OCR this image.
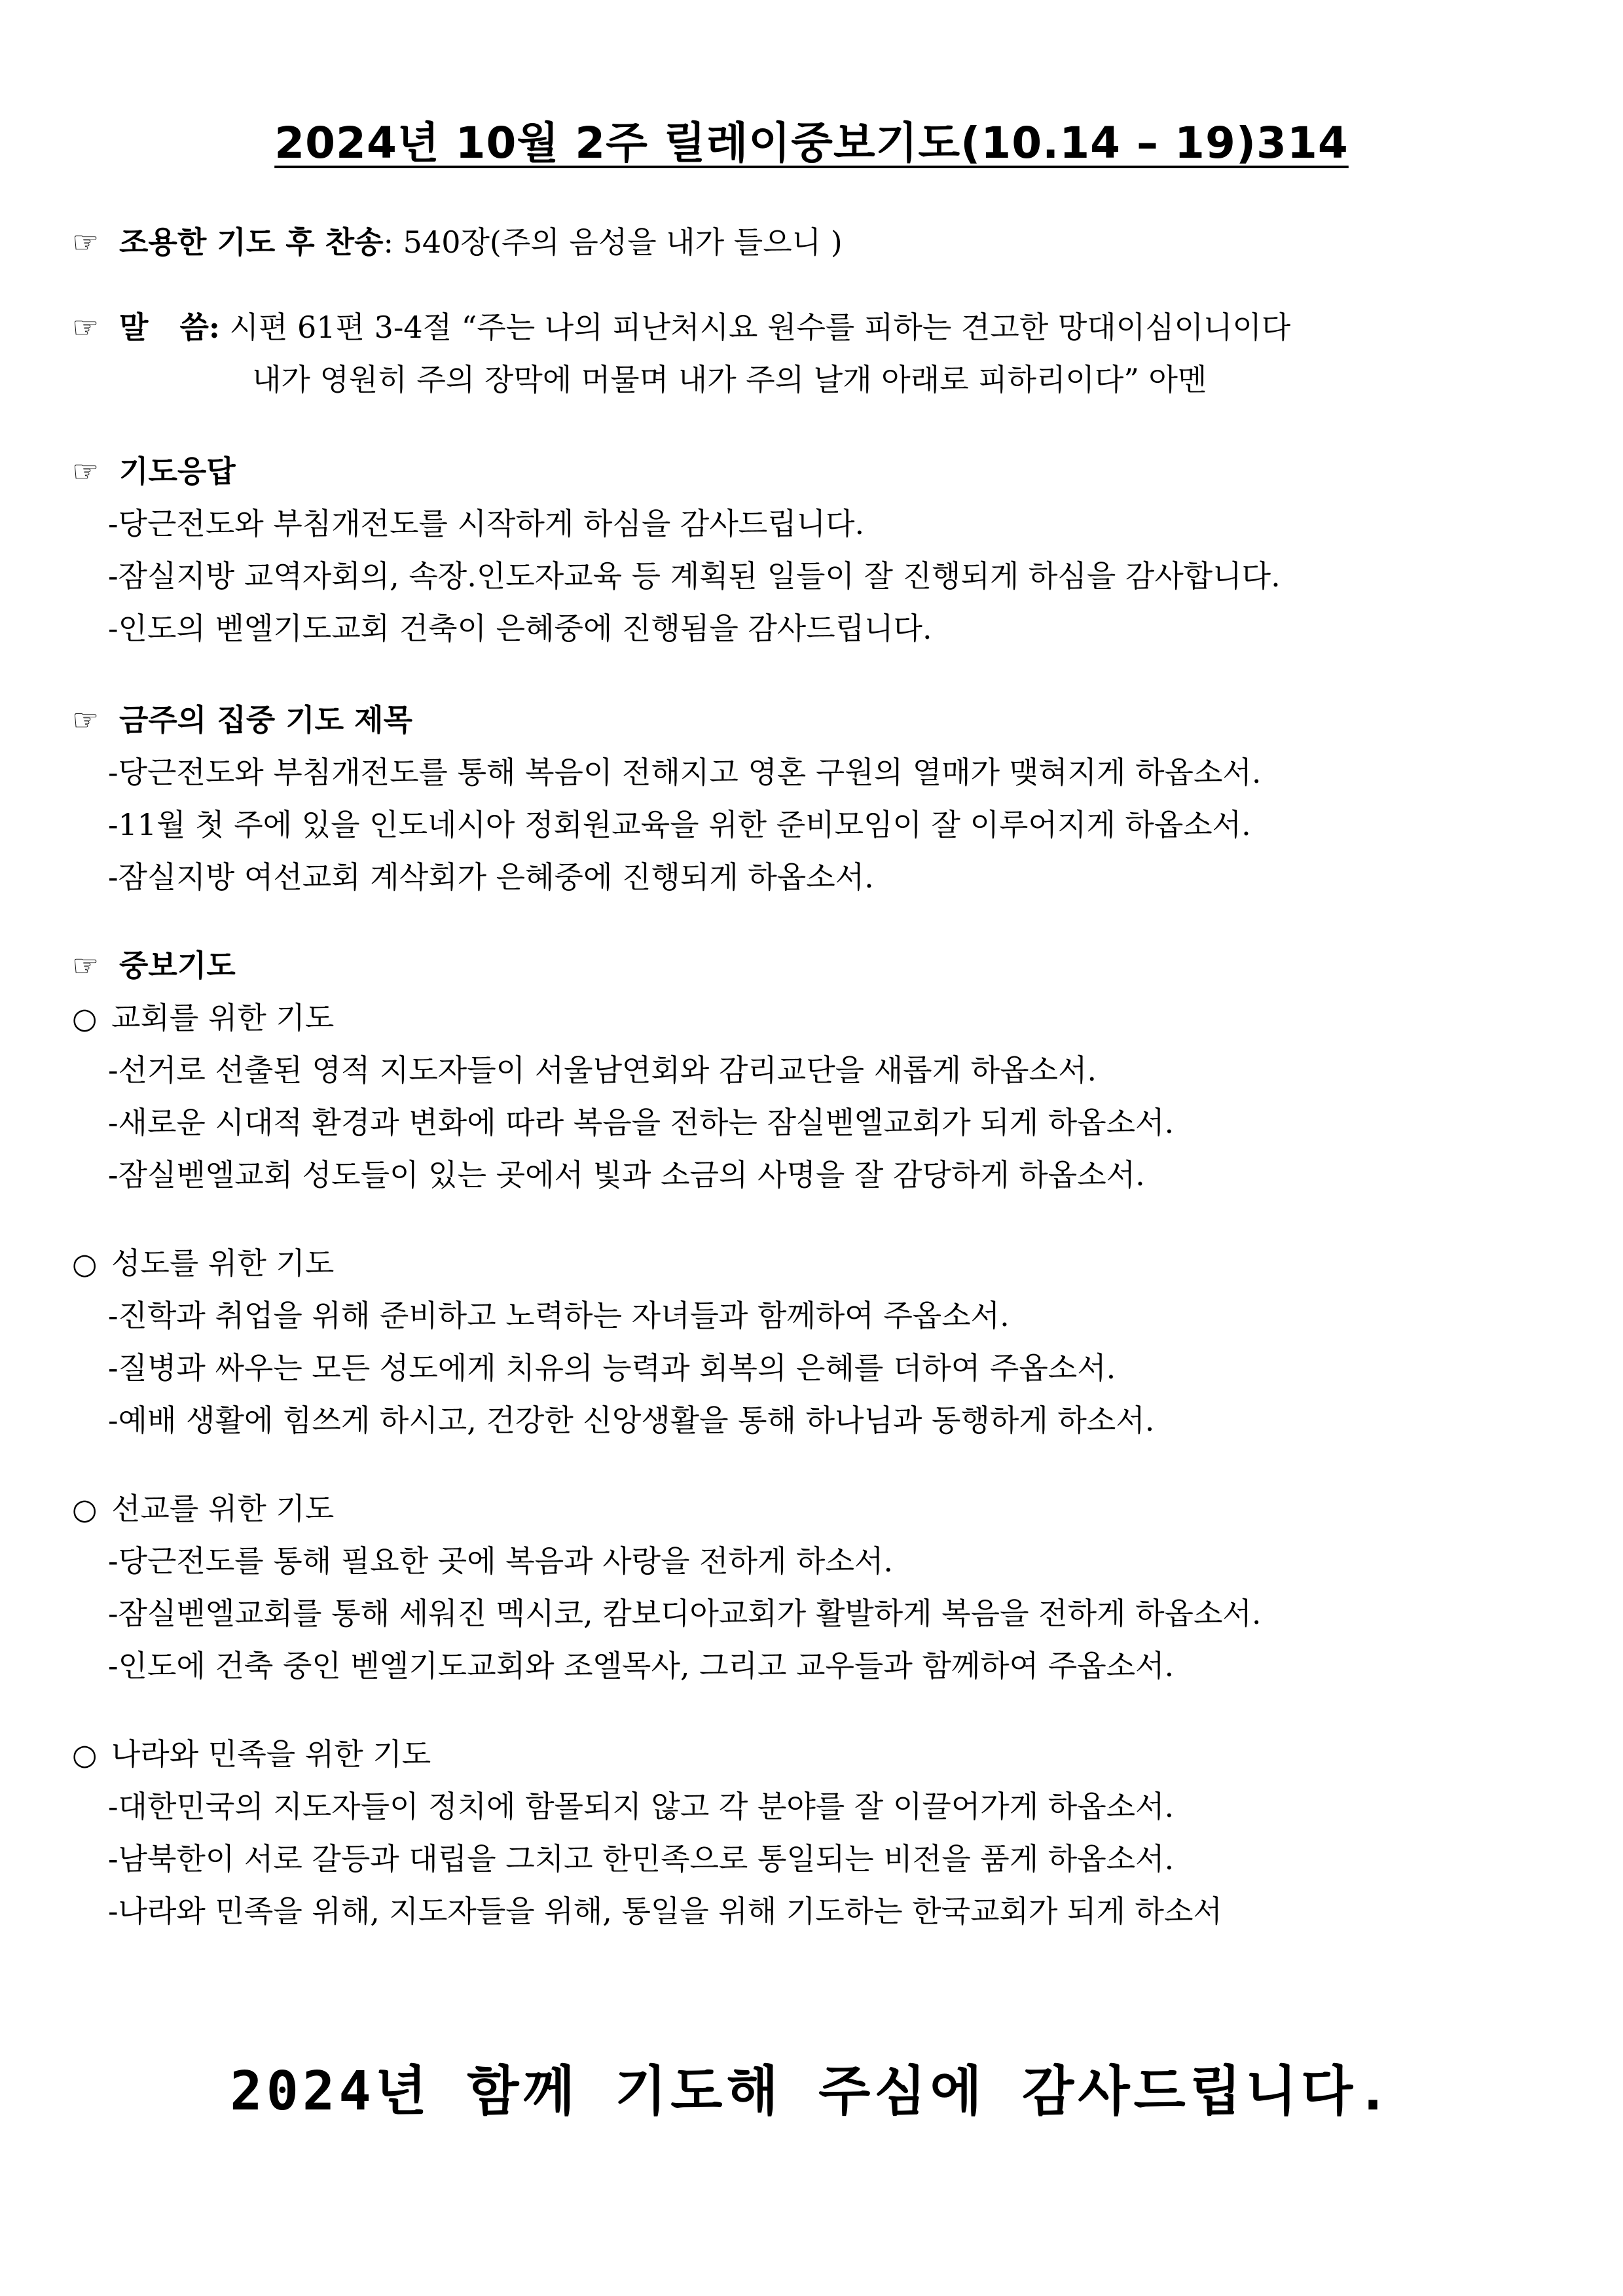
2024년 10월 2주 릴레이중보기도(10.14 – 19)314
☞ 조용한 기도 후 찬송: 540장(주의 음성을 내가 들으니 )
☞ 말   씀: 시편 61편 3-4절 “주는 나의 피난처시요 원수를 피하는 견고한 망대이심이니이다
내가 영원히 주의 장막에 머물며 내가 주의 날개 아래로 피하리이다” 아멘
☞ 기도응답
-당근전도와 부침개전도를 시작하게 하심을 감사드립니다.
-잠실지방 교역자회의, 속장.인도자교육 등 계획된 일들이 잘 진행되게 하심을 감사합니다.
-인도의 벧엘기도교회 건축이 은혜중에 진행됨을 감사드립니다.
☞ 금주의 집중 기도 제목
-당근전도와 부침개전도를 통해 복음이 전해지고 영혼 구원의 열매가 맺혀지게 하옵소서.
-11월 첫 주에 있을 인도네시아 정회원교육을 위한 준비모임이 잘 이루어지게 하옵소서.
-잠실지방 여선교회 계삭회가 은혜중에 진행되게 하옵소서.
☞ 중보기도
○ 교회를 위한 기도
-선거로 선출된 영적 지도자들이 서울남연회와 감리교단을 새롭게 하옵소서.
-새로운 시대적 환경과 변화에 따라 복음을 전하는 잠실벧엘교회가 되게 하옵소서.
-잠실벧엘교회 성도들이 있는 곳에서 빛과 소금의 사명을 잘 감당하게 하옵소서.
○ 성도를 위한 기도
-진학과 취업을 위해 준비하고 노력하는 자녀들과 함께하여 주옵소서.
-질병과 싸우는 모든 성도에게 치유의 능력과 회복의 은혜를 더하여 주옵소서.
-예배 생활에 힘쓰게 하시고, 건강한 신앙생활을 통해 하나님과 동행하게 하소서.
○ 선교를 위한 기도
-당근전도를 통해 필요한 곳에 복음과 사랑을 전하게 하소서.
-잠실벧엘교회를 통해 세워진 멕시코, 캄보디아교회가 활발하게 복음을 전하게 하옵소서.
-인도에 건축 중인 벧엘기도교회와 조엘목사, 그리고 교우들과 함께하여 주옵소서.
○ 나라와 민족을 위한 기도
-대한민국의 지도자들이 정치에 함몰되지 않고 각 분야를 잘 이끌어가게 하옵소서.
-남북한이 서로 갈등과 대립을 그치고 한민족으로 통일되는 비전을 품게 하옵소서.
-나라와 민족을 위해, 지도자들을 위해, 통일을 위해 기도하는 한국교회가 되게 하소서
2024년 함께 기도해 주심에 감사드립니다.
